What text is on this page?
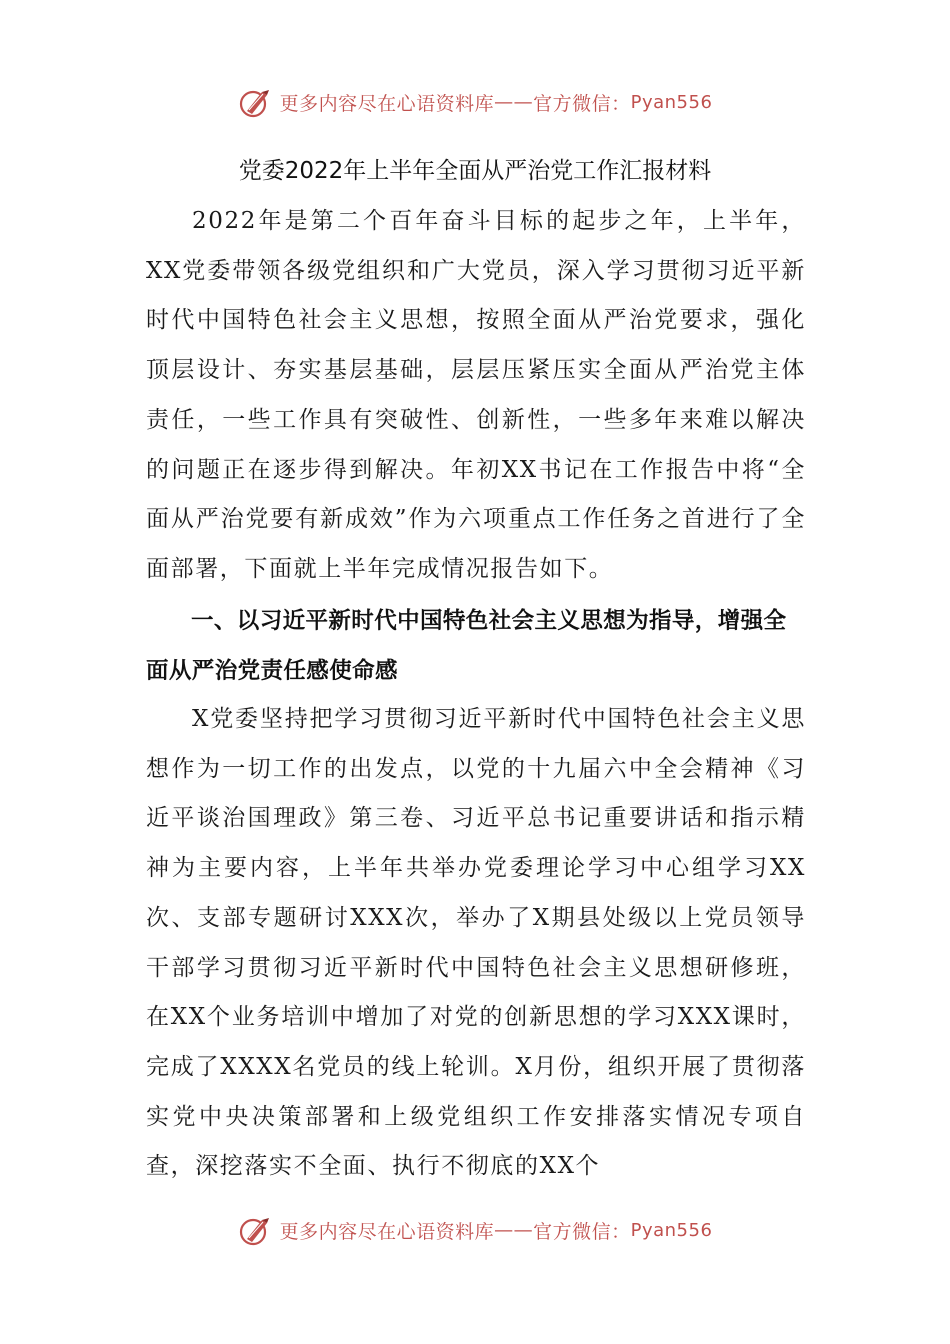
更多内容尽在心语资料库 —— 官方微信： Pyan556
党委2022年上半年全面从严治党工作汇报材料

2022年是第二个百年奋斗目标的起步之年，上半年，XX党委带领各级党组织和广大党员，深入学习贯彻习近平新时代中国特色社会主义思想，按照全面从严治党要求，强化顶层设计、夯实基层基础，层层压紧压实全面从严治党主体责任，一些工作具有突破性、创新性，一些多年来难以解决的问题正在逐步得到解决。年初XX书记在工作报告中将“全面从严治党要有新成效”作为六项重点工作任务之首进行了全面部署，下面就上半年完成情况报告如下。

一、以习近平新时代中国特色社会主义思想为指导，增强全面从严治党责任感使命感

X党委坚持把学习贯彻习近平新时代中国特色社会主义思想作为一切工作的出发点，以党的十九届六中全会精神《习近平谈治国理政》第三卷、习近平总书记重要讲话和指示精神为主要内容，上半年共举办党委理论学习中心组学习XX次、支部专题研讨XXX次，举办了X期县处级以上党员领导干部学习贯彻习近平新时代中国特色社会主义思想研修班，在XX个业务培训中增加了对党的创新思想的学习XXX课时，完成了XXXX名党员的线上轮训。X月份，组织开展了贯彻落实党中央决策部署和上级党组织工作安排落实情况专项自查，深挖落实不全面、执行不彻底的XX个

更多内容尽在心语资料库 —— 官方微信： Pyan556
